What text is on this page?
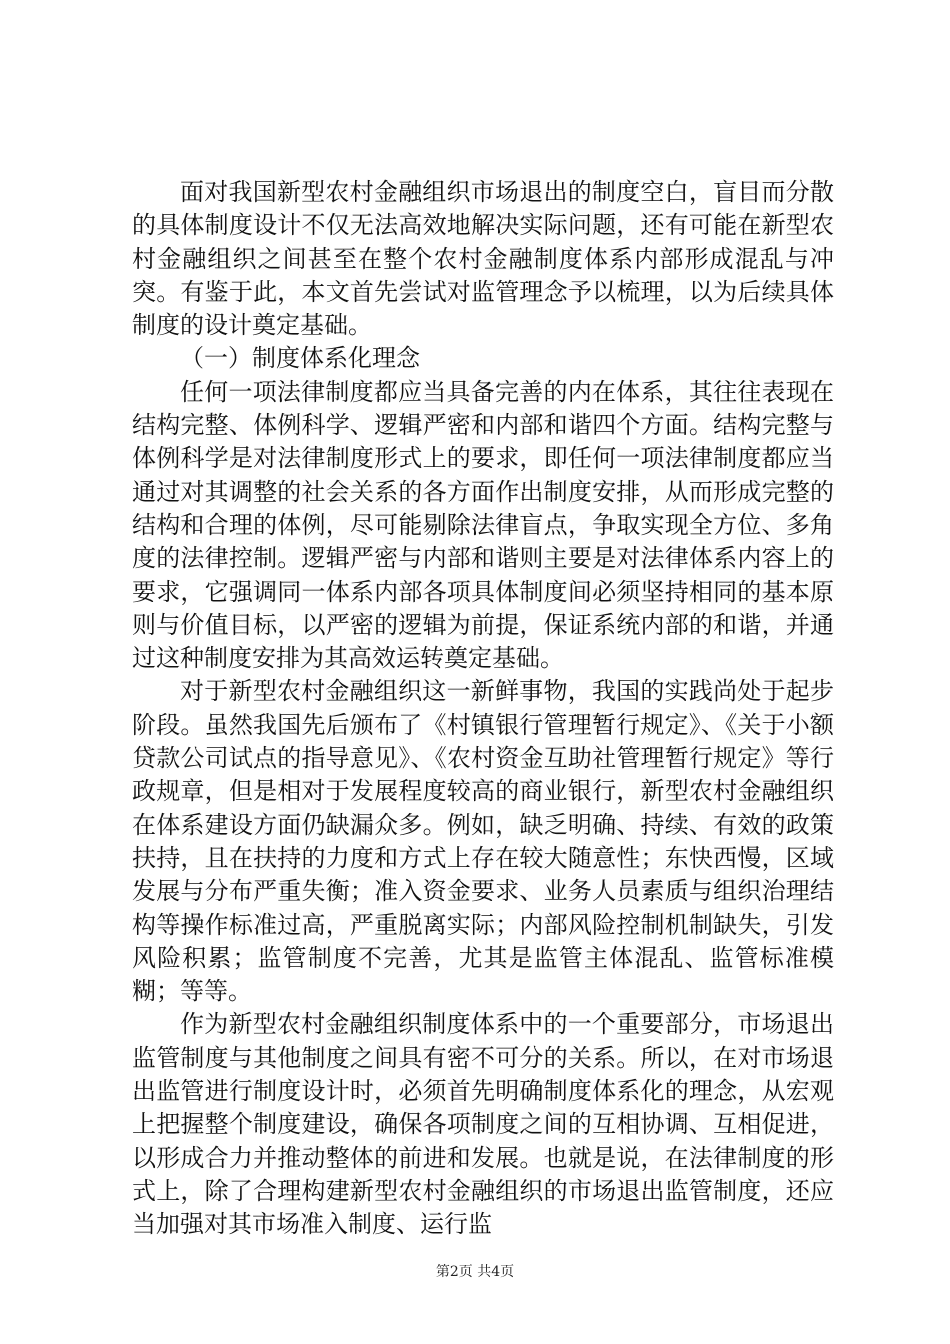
面对我国新型农村金融组织市场退出的制度空白，盲目而分散的具体制度设计不仅无法高效地解决实际问题，还有可能在新型农村金融组织之间甚至在整个农村金融制度体系内部形成混乱与冲突。有鉴于此，本文首先尝试对监管理念予以梳理，以为后续具体制度的设计奠定基础。

（一）制度体系化理念

任何一项法律制度都应当具备完善的内在体系，其往往表现在结构完整、体例科学、逻辑严密和内部和谐四个方面。结构完整与体例科学是对法律制度形式上的要求，即任何一项法律制度都应当通过对其调整的社会关系的各方面作出制度安排，从而形成完整的结构和合理的体例，尽可能剔除法律盲点，争取实现全方位、多角度的法律控制。逻辑严密与内部和谐则主要是对法律体系内容上的要求，它强调同一体系内部各项具体制度间必须坚持相同的基本原则与价值目标，以严密的逻辑为前提，保证系统内部的和谐，并通过这种制度安排为其高效运转奠定基础。

对于新型农村金融组织这一新鲜事物，我国的实践尚处于起步阶段。虽然我国先后颁布了《村镇银行管理暂行规定》、《关于小额贷款公司试点的指导意见》、《农村资金互助社管理暂行规定》等行政规章，但是相对于发展程度较高的商业银行，新型农村金融组织在体系建设方面仍缺漏众多。例如，缺乏明确、持续、有效的政策扶持，且在扶持的力度和方式上存在较大随意性；东快西慢，区域发展与分布严重失衡；准入资金要求、业务人员素质与组织治理结构等操作标准过高，严重脱离实际；内部风险控制机制缺失，引发风险积累；监管制度不完善，尤其是监管主体混乱、监管标准模糊；等等。

作为新型农村金融组织制度体系中的一个重要部分，市场退出监管制度与其他制度之间具有密不可分的关系。所以，在对市场退出监管进行制度设计时，必须首先明确制度体系化的理念，从宏观上把握整个制度建设，确保各项制度之间的互相协调、互相促进，以形成合力并推动整体的前进和发展。也就是说，在法律制度的形式上，除了合理构建新型农村金融组织的市场退出监管制度，还应当加强对其市场准入制度、运行监

第2页 共4页
